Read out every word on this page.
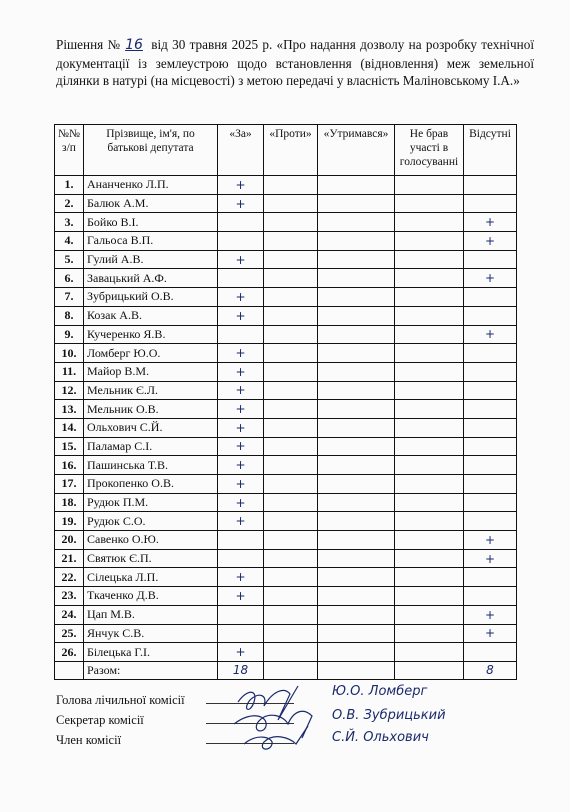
Рішення № 16 від 30 травня 2025 р. «Про надання дозволу на розробку технічної документації із землеустрою щодо встановлення (відновлення) меж земельної ділянки в натурі (на місцевості) з метою передачі у власність Маліновському І.А.»
№№ з/п	Прізвище, ім'я, по батькові депутата	«За»	«Проти»	«Утримався»	Не брав участі в голосуванні	Відсутні
1.	Ананченко Л.П.	+				
2.	Балюк А.М.	+				
3.	Бойко В.І.					+
4.	Гальоса В.П.					+
5.	Гулий А.В.	+				
6.	Завацький А.Ф.					+
7.	Зубрицький О.В.	+				
8.	Козак А.В.	+				
9.	Кучеренко Я.В.					+
10.	Ломберг Ю.О.	+				
11.	Майор В.М.	+				
12.	Мельник Є.Л.	+				
13.	Мельник О.В.	+				
14.	Ольхович С.Й.	+				
15.	Паламар С.І.	+				
16.	Пашинська Т.В.	+				
17.	Прокопенко О.В.	+				
18.	Рудюк П.М.	+				
19.	Рудюк С.О.	+				
20.	Савенко О.Ю.					+
21.	Святюк Є.П.					+
22.	Сілецька Л.П.	+				
23.	Ткаченко Д.В.	+				
24.	Цап М.В.					+
25.	Янчук С.В.					+
26.	Білецька Г.І.	+				
	Разом:	18				8
Голова лічильної комісії
Секретар комісії
Член комісії
Ю.О. Ломберг
О.В. Зубрицький
С.Й. Ольхович
